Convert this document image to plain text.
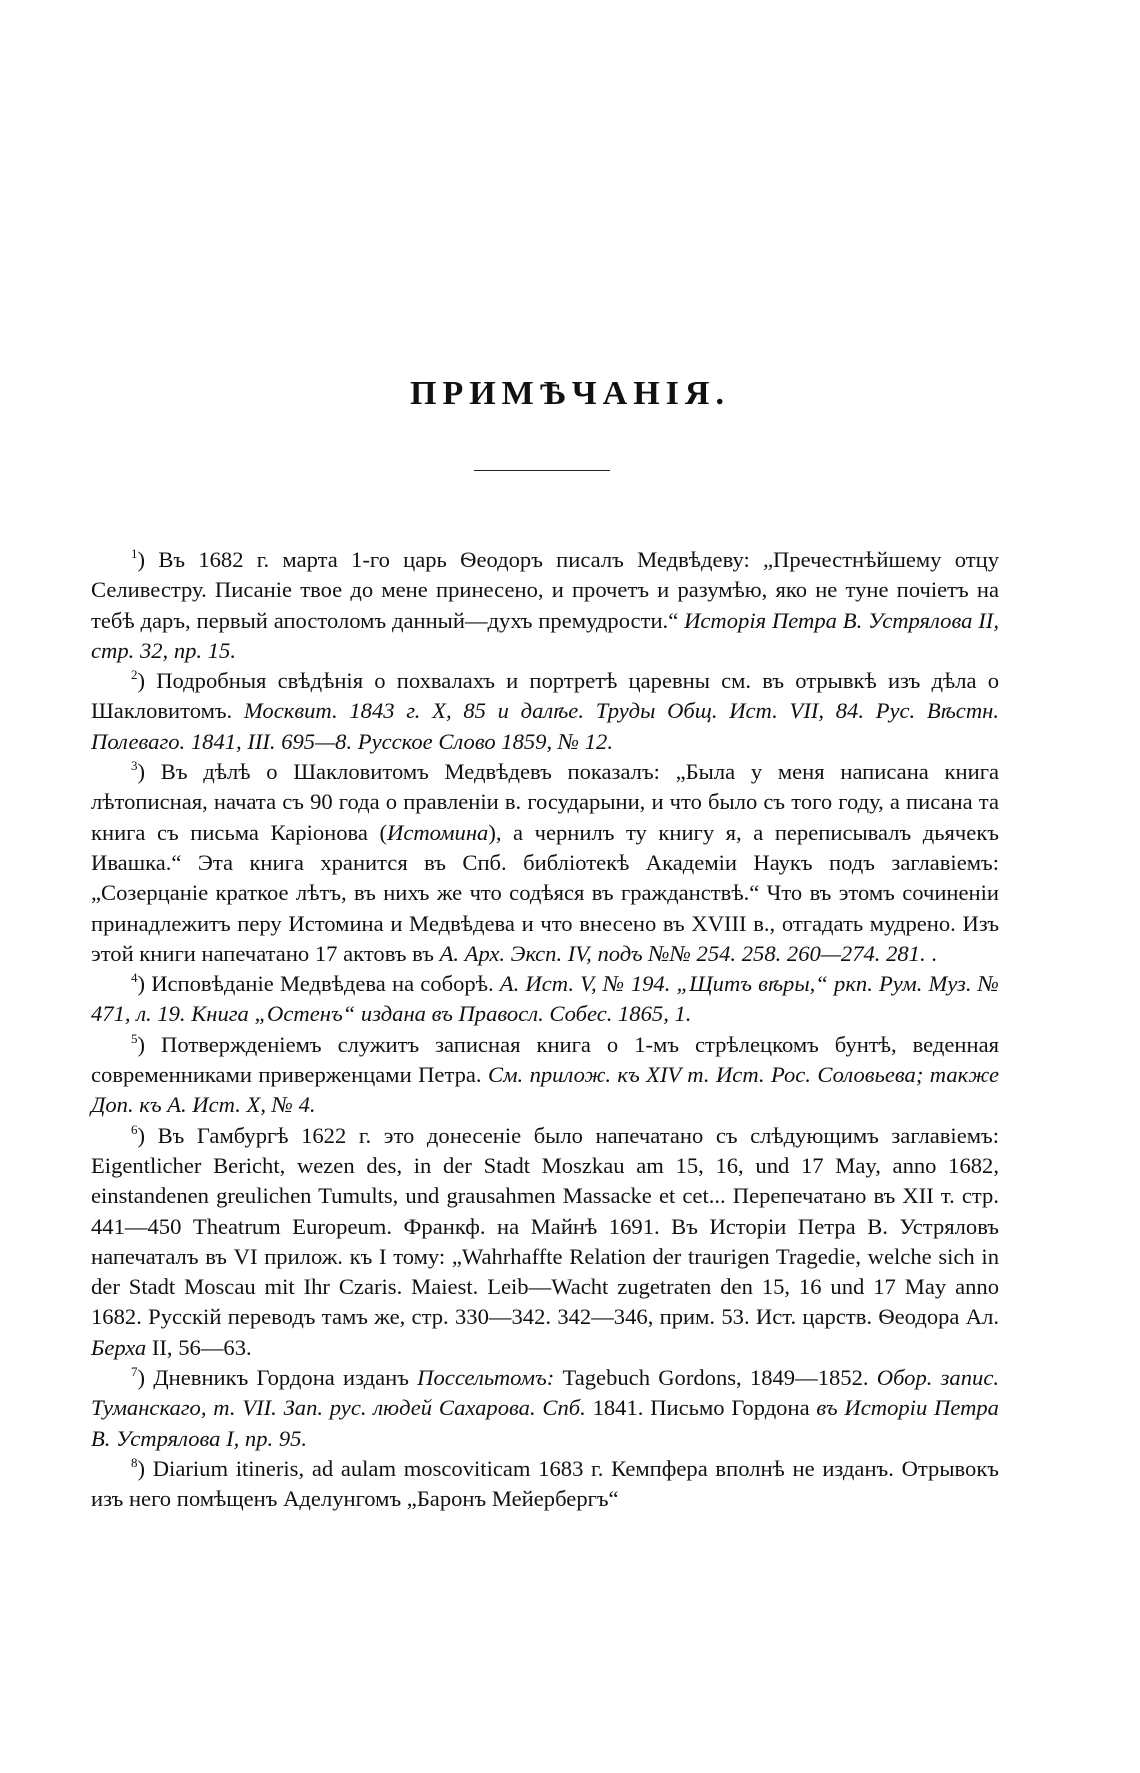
ПРИМѢЧАНІЯ.

$^1$) Въ 1682 г. марта 1-го царь Ѳеодоръ писалъ Медвѣдеву: „Пречестнѣйшему отцу Селивестру. Писаніе твое до мене принесено, и прочетъ и разумѣю, яко не туне почіетъ на тебѣ даръ, первый апостоломъ данный—духъ премудрости.“ Исторія Петра В. Устрялова II, стр. 32, пр. 15.

$^2$) Подробныя свѣдѣнія о похвалахъ и портретѣ царевны см. въ отрывкѣ изъ дѣла о Шакловитомъ. Москвит. 1843 г. X, 85 и далѣе. Труды Общ. Ист. VII, 84. Рус. Вѣстн. Полеваго. 1841, III. 695—8. Русское Слово 1859, № 12.

$^3$) Въ дѣлѣ о Шакловитомъ Медвѣдевъ показалъ: „Была у меня написана книга лѣтописная, начата съ 90 года о правленіи в. государыни, и что было съ того году, а писана та книга съ письма Каріонова (Истомина), а чернилъ ту книгу я, а переписывалъ дьячекъ Ивашка.“ Эта книга хранится въ Спб. библіотекѣ Академіи Наукъ подъ заглавіемъ: „Созерцаніе краткое лѣтъ, въ нихъ же что содѣяся въ гражданствѣ.“ Что въ этомъ сочиненіи принадлежитъ перу Истомина и Медвѣдева и что внесено въ XVIII в., отгадать мудрено. Изъ этой книги напечатано 17 актовъ въ А. Арх. Эксп. IV, подъ №№ 254. 258. 260—274. 281. .

$^4$) Исповѣданіе Медвѣдева на соборѣ. А. Ист. V, № 194. „Щитъ вѣры,“ ркп. Рум. Муз. № 471, л. 19. Книга „Остенъ“ издана въ Правосл. Собес. 1865, 1.

$^5$) Потвержденіемъ служитъ записная книга о 1-мъ стрѣлецкомъ бунтѣ, веденная современниками приверженцами Петра. См. прилож. къ XIV т. Ист. Рос. Соловьева; также Доп. къ А. Ист. X, № 4.

$^6$) Въ Гамбургѣ 1622 г. это донесеніе было напечатано съ слѣдующимъ заглавіемъ: Eigentlicher Bericht, wezen des, in der Stadt Moszkau am 15, 16, und 17 May, anno 1682, einstandenen greulichen Tumults, und grausahmen Massacke et cet... Перепечатано въ XII т. стр. 441—450 Theatrum Europeum. Франкф. на Майнѣ 1691. Въ Исторіи Петра В. Устряловъ напечаталъ въ VI прилож. къ I тому: „Wahrhaffte Relation der traurigen Tragedie, welche sich in der Stadt Moscau mit Ihr Czaris. Maiest. Leib—Wacht zugetraten den 15, 16 und 17 May anno 1682. Русскій переводъ тамъ же, стр. 330—342. 342—346, прим. 53. Ист. царств. Ѳеодора Ал. Берха II, 56—63.

$^7$) Дневникъ Гордона изданъ Поссельтомъ: Tagebuch Gordons, 1849—1852. Обор. запис. Туманскаго, т. VII. Зап. рус. людей Сахарова. Спб. 1841. Письмо Гордона въ Исторіи Петра В. Устрялова I, пр. 95.

$^8$) Diarium itineris, ad aulam moscoviticam 1683 г. Кемпфера вполнѣ не изданъ. Отрывокъ изъ него помѣщенъ Аделунгомъ „Баронъ Мейербергъ“
